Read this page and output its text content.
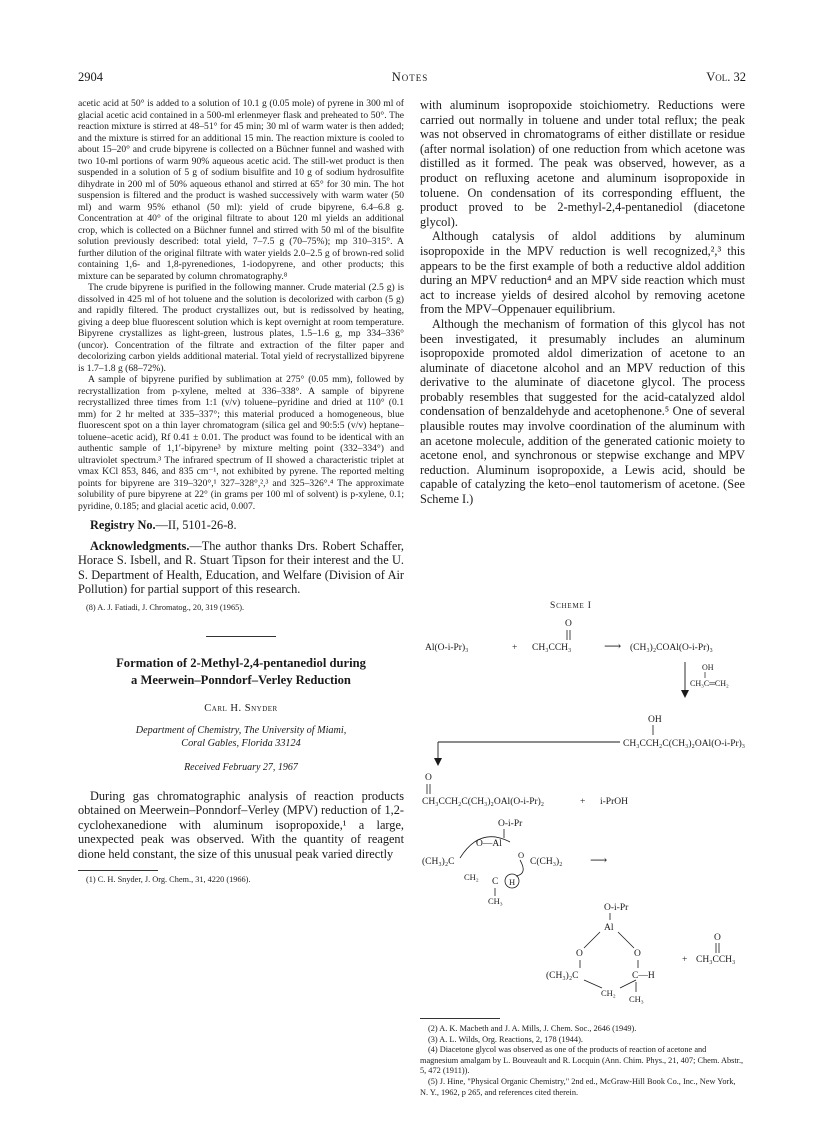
2904	Notes	Vol. 32

acetic acid at 50° is added to a solution of 10.1 g (0.05 mole) of pyrene in 300 ml of glacial acetic acid contained in a 500-ml erlenmeyer flask and preheated to 50°. The reaction mixture is stirred at 48–51° for 45 min; 30 ml of warm water is then added; and the mixture is stirred for an additional 15 min. The reaction mixture is cooled to about 15–20° and crude bipyrene is collected on a Büchner funnel and washed with two 10-ml portions of warm 90% aqueous acetic acid. The still-wet product is then suspended in a solution of 5 g of sodium bisulfite and 10 g of sodium hydrosulfite dihydrate in 200 ml of 50% aqueous ethanol and stirred at 65° for 30 min. The hot suspension is filtered and the product is washed successively with warm water (50 ml) and warm 95% ethanol (50 ml): yield of crude bipyrene, 6.4–6.8 g. Concentration at 40° of the original filtrate to about 120 ml yields an additional crop, which is collected on a Büchner funnel and stirred with 50 ml of the bisulfite solution previously described: total yield, 7–7.5 g (70–75%); mp 310–315°. A further dilution of the original filtrate with water yields 2.0–2.5 g of brown-red solid containing 1,6- and 1,8-pyrenediones, 1-iodopyrene, and other products; this mixture can be separated by column chromatography.⁸

The crude bipyrene is purified in the following manner. Crude material (2.5 g) is dissolved in 425 ml of hot toluene and the solution is decolorized with carbon (5 g) and rapidly filtered. The product crystallizes out, but is redissolved by heating, giving a deep blue fluorescent solution which is kept overnight at room temperature. Bipyrene crystallizes as light-green, lustrous plates, 1.5–1.6 g, mp 334–336° (uncor). Concentration of the filtrate and extraction of the filter paper and decolorizing carbon yields additional material. Total yield of recrystallized bipyrene is 1.7–1.8 g (68–72%).

A sample of bipyrene purified by sublimation at 275° (0.05 mm), followed by recrystallization from p-xylene, melted at 336–338°. A sample of bipyrene recrystallized three times from 1:1 (v/v) toluene–pyridine and dried at 110° (0.1 mm) for 2 hr melted at 335–337°; this material produced a homogeneous, blue fluorescent spot on a thin layer chromatogram (silica gel and 90:5:5 (v/v) heptane–toluene–acetic acid), Rf 0.41 ± 0.01. The product was found to be identical with an authentic sample of 1,1′-bipyrene³ by mixture melting point (332–334°) and ultraviolet spectrum.³ The infrared spectrum of II showed a characteristic triplet at νmax KCl 853, 846, and 835 cm⁻¹, not exhibited by pyrene. The reported melting points for bipyrene are 319–320°,¹ 327–328°,²,³ and 325–326°.⁴ The approximate solubility of pure bipyrene at 22° (in grams per 100 ml of solvent) is p-xylene, 0.1; pyridine, 0.185; and glacial acetic acid, 0.007.

Registry No.—II, 5101-26-8.

Acknowledgments.—The author thanks Drs. Robert Schaffer, Horace S. Isbell, and R. Stuart Tipson for their interest and the U. S. Department of Health, Education, and Welfare (Division of Air Pollution) for partial support of this research.

(8) A. J. Fatiadi, J. Chromatog., 20, 319 (1965).

Formation of 2-Methyl-2,4-pentanediol during
a Meerwein–Ponndorf–Verley Reduction
Carl H. Snyder
Department of Chemistry, The University of Miami,
Coral Gables, Florida 33124
Received February 27, 1967

During gas chromatographic analysis of reaction products obtained on Meerwein–Ponndorf–Verley (MPV) reduction of 1,2-cyclohexanedione with aluminum isopropoxide,¹ a large, unexpected peak was observed. With the quantity of reagent dione held constant, the size of this unusual peak varied directly

(1) C. H. Snyder, J. Org. Chem., 31, 4220 (1966).

with aluminum isopropoxide stoichiometry. Reductions were carried out normally in toluene and under total reflux; the peak was not observed in chromatograms of either distillate or residue (after normal isolation) of one reduction from which acetone was distilled as it formed. The peak was observed, however, as a product on refluxing acetone and aluminum isopropoxide in toluene. On condensation of its corresponding effluent, the product proved to be 2-methyl-2,4-pentanediol (diacetone glycol).

Although catalysis of aldol additions by aluminum isopropoxide in the MPV reduction is well recognized,²,³ this appears to be the first example of both a reductive aldol addition during an MPV reduction⁴ and an MPV side reaction which must act to increase yields of desired alcohol by removing acetone from the MPV–Oppenauer equilibrium.

Although the mechanism of formation of this glycol has not been investigated, it presumably includes an aluminum isopropoxide promoted aldol dimerization of acetone to an aluminate of diacetone alcohol and an MPV reduction of this derivative to the aluminate of diacetone glycol. The process probably resembles that suggested for the acid-catalyzed aldol condensation of benzaldehyde and acetophenone.⁵ One of several plausible routes may involve coordination of the aluminum with an acetone molecule, addition of the generated cationic moiety to acetone enol, and synchronous or stepwise exchange and MPV reduction. Aluminum isopropoxide, a Lewis acid, should be capable of catalyzing the keto–enol tautomerism of acetone. (See Scheme I.)

Scheme I
O
Al(O-i-Pr)₃	+ CH₃CCH₃	⟶ (CH₃)₂COAl(O-i-Pr)₃
OH
CH₃C═CH₂
OH
CH₃CCH₂C(CH₃)₂OAl(O-i-Pr)₃
O
CH₃CCH₂C(CH₃)₂OAl(O-i-Pr)₂	+ i-PrOH
O-i-Pr
O—Al
O
(CH₃)₂C	C(CH₃)₂
CH₂ C H
CH₃
⟶
O-i-Pr
Al
O	O
(CH₃)₂C	C—H
CH₂
CH₃
+
O
CH₃CCH₃

(2) A. K. Macbeth and J. A. Mills, J. Chem. Soc., 2646 (1949).

(3) A. L. Wilds, Org. Reactions, 2, 178 (1944).

(4) Diacetone glycol was observed as one of the products of reaction of acetone and magnesium amalgam by L. Bouveault and R. Locquin (Ann. Chim. Phys., 21, 407; Chem. Abstr., 5, 472 (1911)).

(5) J. Hine, "Physical Organic Chemistry," 2nd ed., McGraw-Hill Book Co., Inc., New York, N. Y., 1962, p 265, and references cited therein.
